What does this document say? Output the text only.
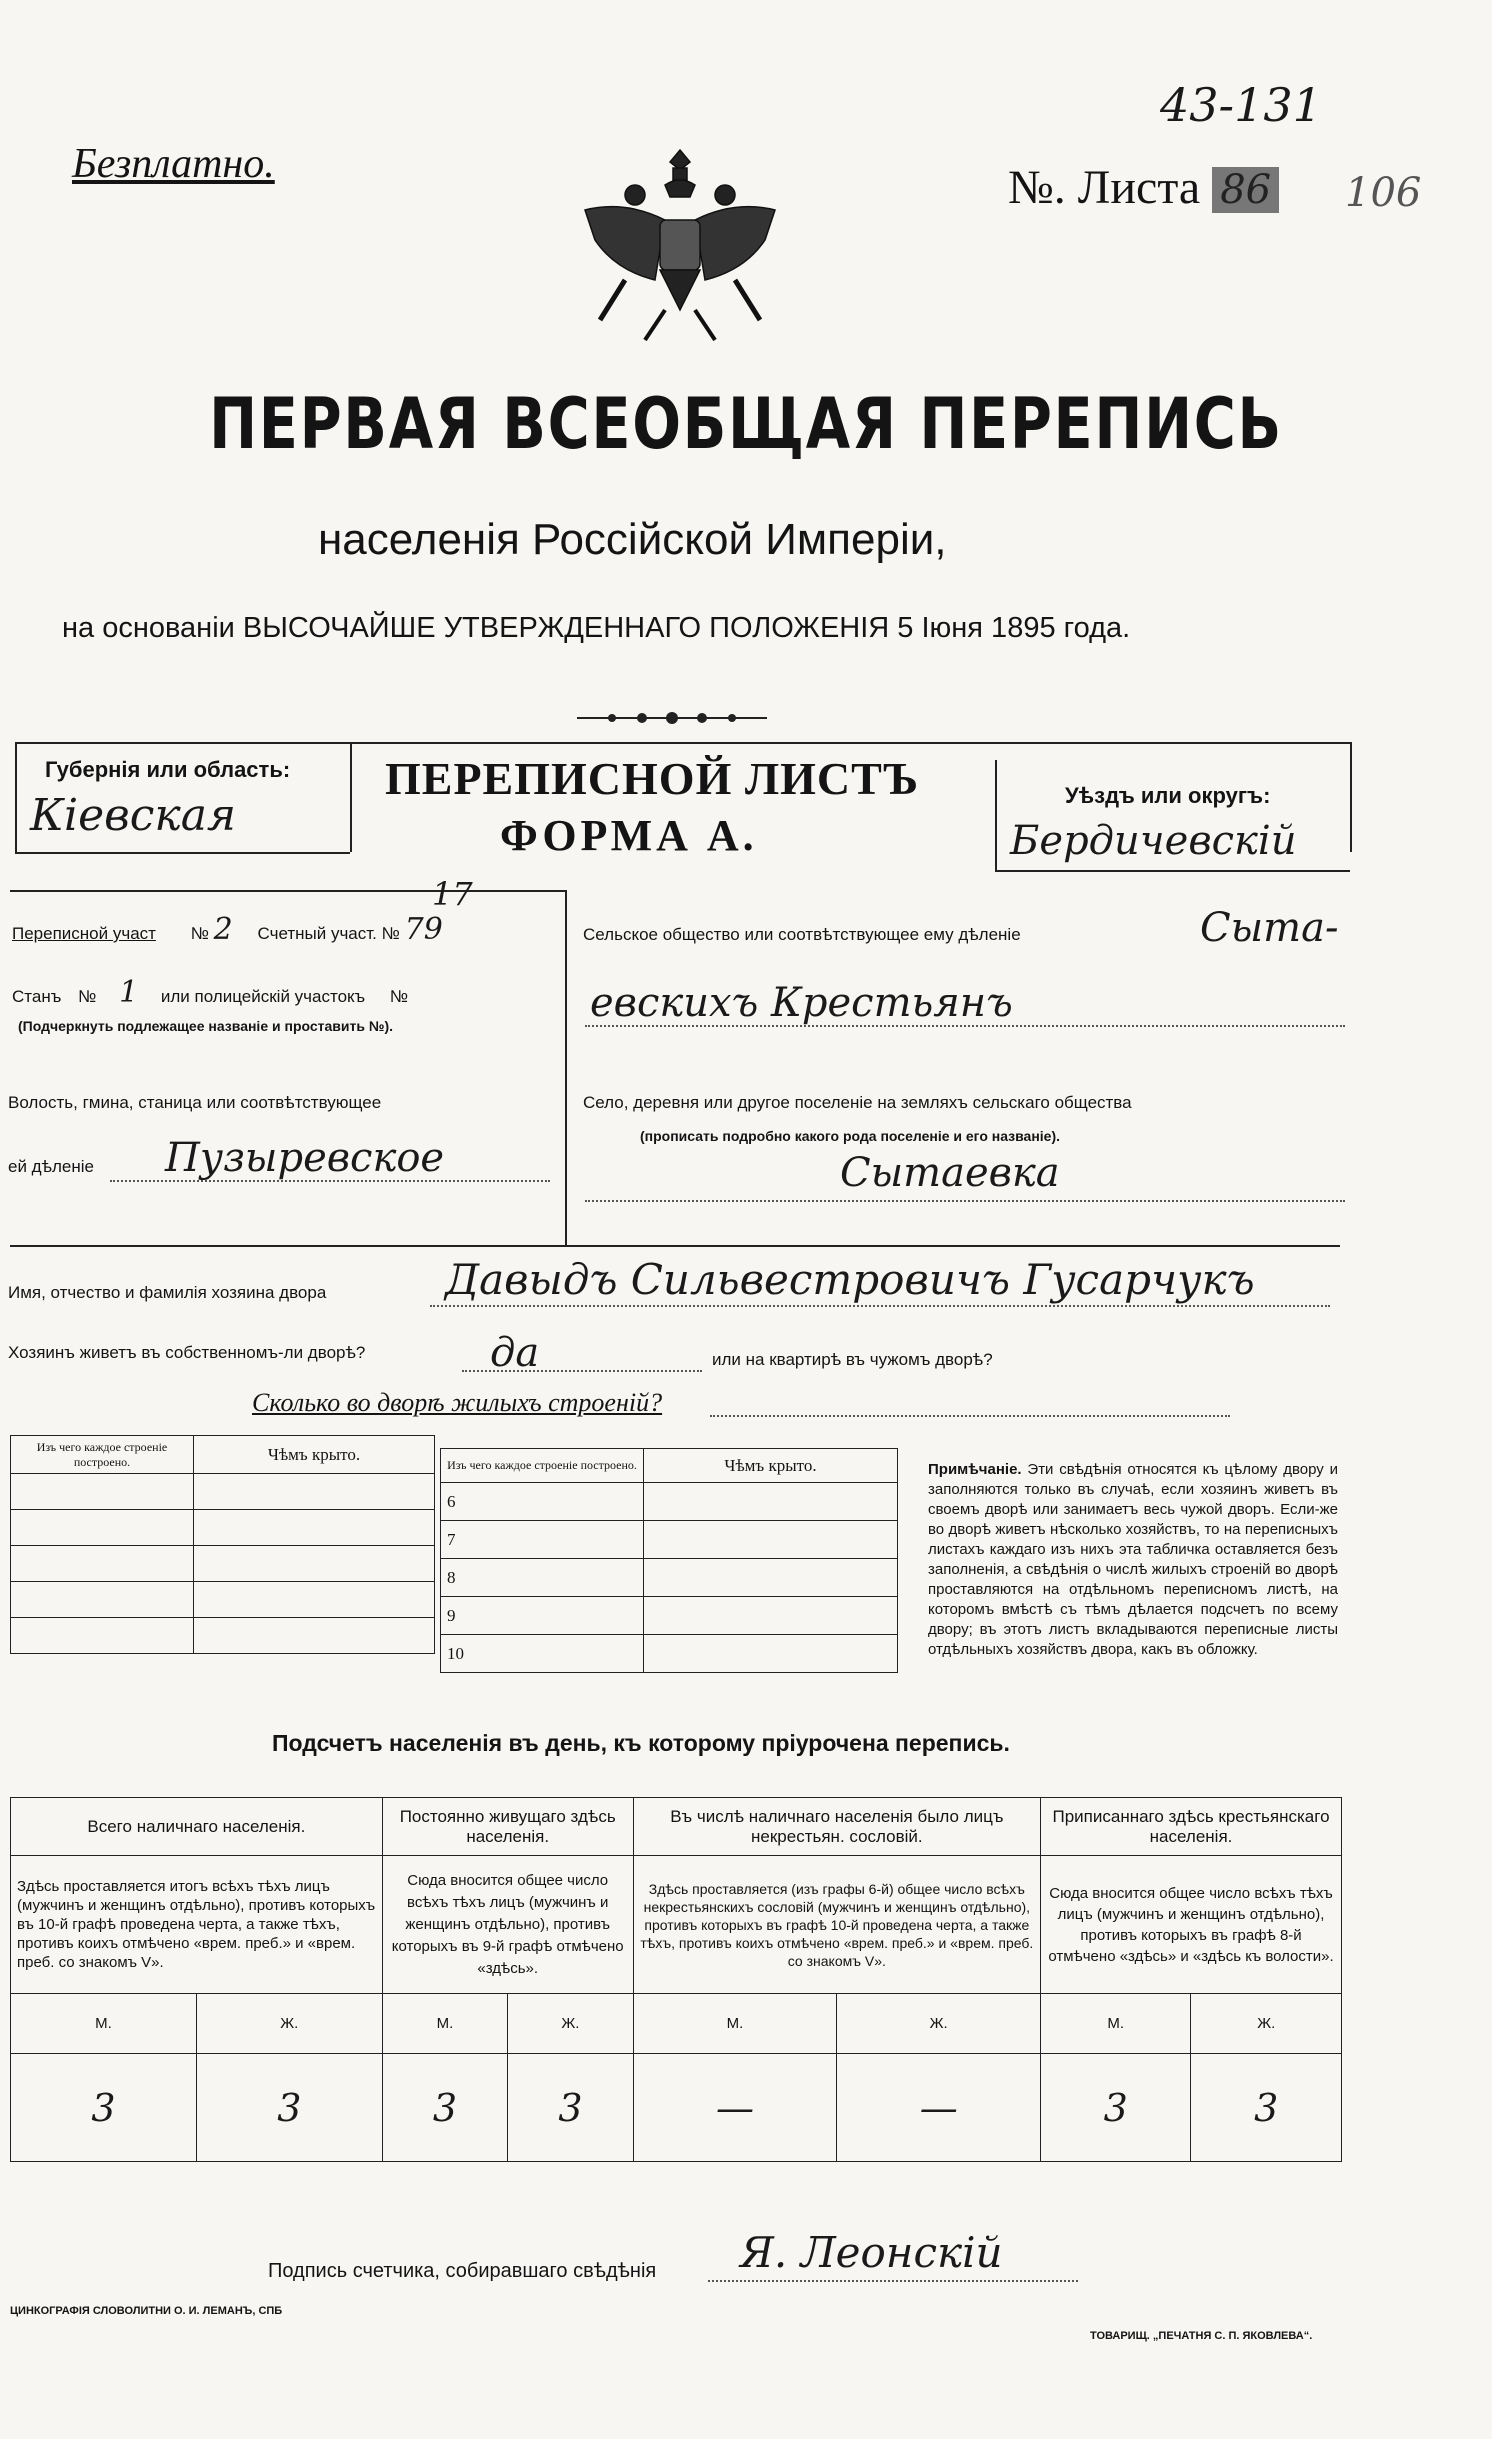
43-131
106
Безплатно.	№. Листа 86
ПЕРВАЯ ВСЕОБЩАЯ ПЕРЕПИСЬ
населенія Россійской Имперіи,
на основаніи ВЫСОЧАЙШЕ УТВЕРЖДЕННАГО ПОЛОЖЕНІЯ 5 Іюня 1895 года.
Губернія или область:
Кіевская
ПЕРЕПИСНОЙ ЛИСТЪ
ФОРМА А.
Уѣздъ или округъ:
Бердичевскій
Переписной участ № 2 Счетный участ. № 79
17
Станъ № 1 или полицейскій участокъ №
(Подчеркнуть подлежащее названіе и проставить №).
Волость, гмина, станица или соотвѣтствующее
ей дѣленіе Пузыревское
Сельское общество или соотвѣтствующее ему дѣленіе	Сыта-
евскихъ Крестьянъ
Село, деревня или другое поселеніе на земляхъ сельскаго общества
(прописать подробно какого рода поселеніе и его названіе).
Сытаевка
Имя, отчество и фамилія хозяина двора	Давыдъ Сильвестровичъ Гусарчукъ
Хозяинъ живетъ въ собственномъ-ли дворѣ?	да	или на квартирѣ въ чужомъ дворѣ?
Сколько во дворѣ жилыхъ строеній?
Изъ чего каждое строеніе построено.	Чѣмъ крыто.

Изъ чего каждое строеніе построено.	Чѣмъ крыто.
6	
7	
8	
9	
10	
Примѣчаніе. Эти свѣдѣнія относятся къ цѣлому двору и заполняются только въ случаѣ, если хозяинъ живетъ въ своемъ дворѣ или занимаетъ весь чужой дворъ. Если-же во дворѣ живетъ нѣсколько хозяйствъ, то на переписныхъ листахъ каждаго изъ нихъ эта табличка оставляется безъ заполненія, а свѣдѣнія о числѣ жилыхъ строеній во дворѣ проставляются на отдѣльномъ переписномъ листѣ, на которомъ вмѣстѣ съ тѣмъ дѣлается подсчетъ по всему двору; въ этотъ листъ вкладываются переписные листы отдѣльныхъ хозяйствъ двора, какъ въ обложку.
Подсчетъ населенія въ день, къ которому пріурочена перепись.
Всего наличнаго населенія.		Постоянно живущаго здѣсь населенія.		Въ числѣ наличнаго населенія было лицъ некрестьян. сословій.		Приписаннаго здѣсь крестьянскаго населенія.	
Здѣсь проставляется итогъ всѣхъ тѣхъ лицъ (мужчинъ и женщинъ отдѣльно), противъ которыхъ въ 10-й графѣ проведена черта, а также тѣхъ, противъ коихъ отмѣчено «врем. преб.» и «врем. преб. со знакомъ V».		Сюда вносится общее число всѣхъ тѣхъ лицъ (мужчинъ и женщинъ отдѣльно), противъ которыхъ въ 9-й графѣ отмѣчено «здѣсь».		Здѣсь проставляется (изъ графы 6-й) общее число всѣхъ некрестьянскихъ сословій (мужчинъ и женщинъ отдѣльно), противъ которыхъ въ графѣ 10-й проведена черта, а также тѣхъ, противъ коихъ отмѣчено «врем. преб.» и «врем. преб. со знакомъ V».		Сюда вносится общее число всѣхъ тѣхъ лицъ (мужчинъ и женщинъ отдѣльно), противъ которыхъ въ графѣ 8-й отмѣчено «здѣсь» и «здѣсь къ волости».	
М.	Ж.	М.	Ж.	М.	Ж.	М.	Ж.
3	3	3	3	—	—	3	3
Подпись счетчика, собиравшаго свѣдѣнія Я. Леонскій
ЦИНКОГРАФІЯ СЛОВОЛИТНИ О. И. ЛЕМАНЪ, СПБ
ТОВАРИЩ. „ПЕЧАТНЯ С. П. ЯКОВЛЕВА“.
